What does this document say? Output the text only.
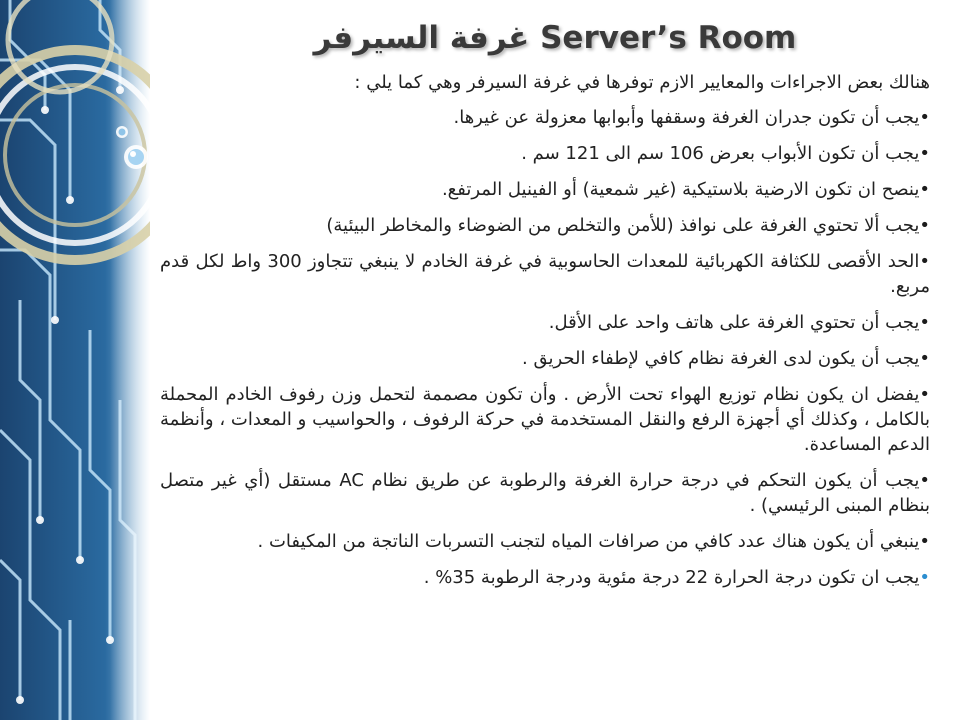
غرفة السيرفر Server’s Room

هنالك بعض الاجراءات والمعايير الازم توفرها في غرفة السيرفر وهي كما يلي :

•يجب أن تكون جدران الغرفة وسقفها وأبوابها معزولة عن غيرها.
•يجب أن تكون الأبواب بعرض 106 سم الى 121 سم .
•ينصح ان تكون الارضية بلاستيكية (غير شمعية) أو الفينيل المرتفع.
•يجب ألا تحتوي الغرفة على نوافذ (للأمن والتخلص من الضوضاء والمخاطر البيئية)
•الحد الأقصى للكثافة الكهربائية للمعدات الحاسوبية في غرفة الخادم لا ينبغي تتجاوز 300 واط لكل قدم مربع.
•يجب أن تحتوي الغرفة على هاتف واحد على الأقل.
•يجب أن يكون لدى الغرفة نظام كافي لإطفاء الحريق .
•يفضل ان يكون نظام توزيع الهواء تحت الأرض . وأن تكون مصممة لتحمل وزن رفوف الخادم المحملة بالكامل ، وكذلك أي أجهزة الرفع والنقل المستخدمة في حركة الرفوف ، والحواسيب و المعدات ، وأنظمة الدعم المساعدة.
•يجب أن يكون التحكم في درجة حرارة الغرفة والرطوبة عن طريق نظام AC مستقل (أي غير متصل بنظام المبنى الرئيسي) .
•ينبغي أن يكون هناك عدد كافي من صرافات المياه لتجنب التسربات الناتجة من المكيفات .
•يجب ان تكون درجة الحرارة 22 درجة مئوية ودرجة الرطوبة 35% .
